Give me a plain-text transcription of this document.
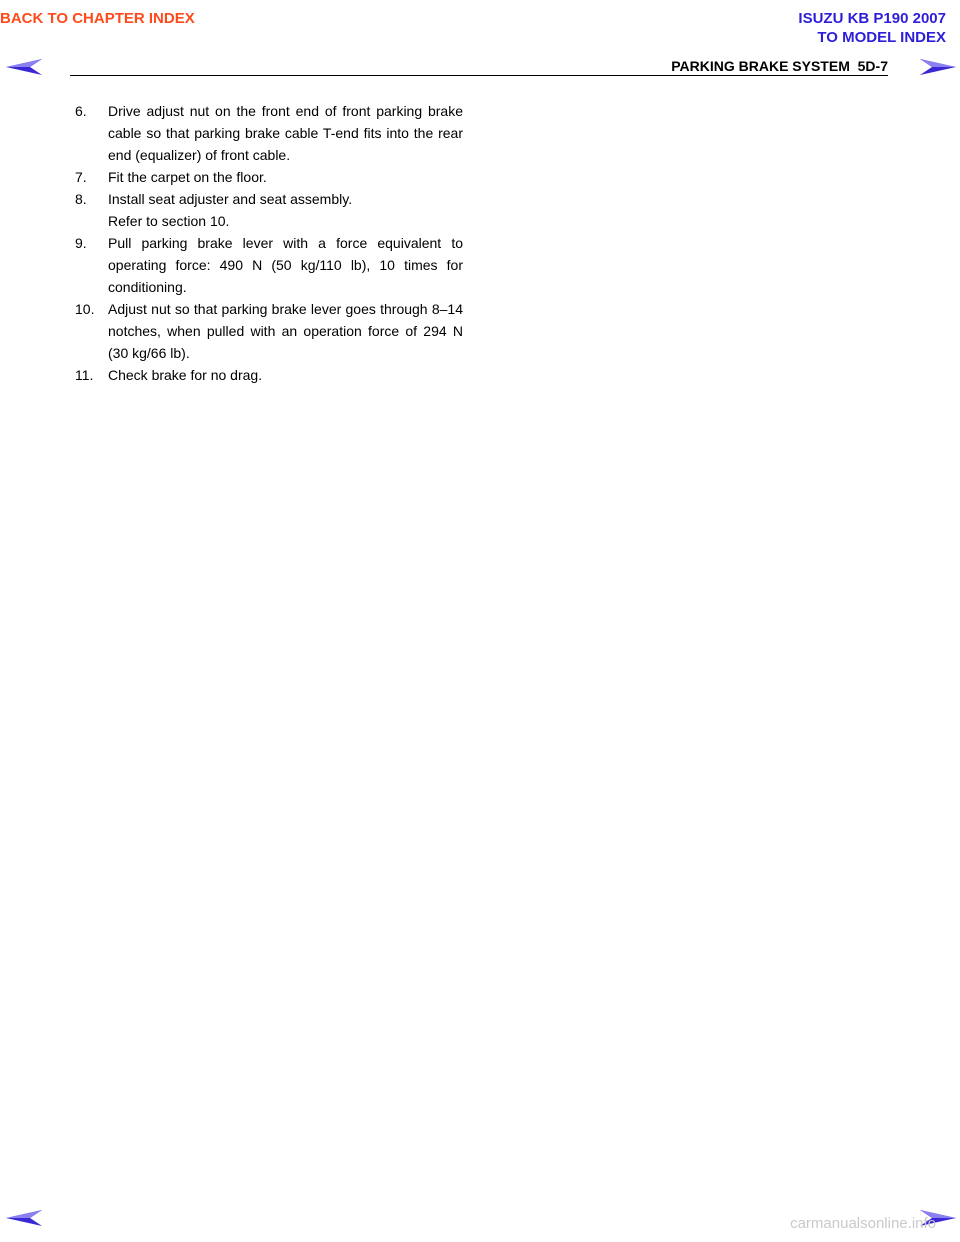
BACK TO CHAPTER INDEX	ISUZU KB P190 2007
TO MODEL INDEX
PARKING BRAKE SYSTEM  5D-7
6. Drive adjust nut on the front end of front parking brake cable so that parking brake cable T-end fits into the rear end (equalizer) of front cable.
7. Fit the carpet on the floor.
8. Install seat adjuster and seat assembly.
Refer to section 10.
9. Pull parking brake lever with a force equivalent to operating force: 490 N (50 kg/110 lb), 10 times for conditioning.
10. Adjust nut so that parking brake lever goes through 8–14 notches, when pulled with an operation force of 294 N (30 kg/66 lb).
11. Check brake for no drag.
carmanualsonline.info
